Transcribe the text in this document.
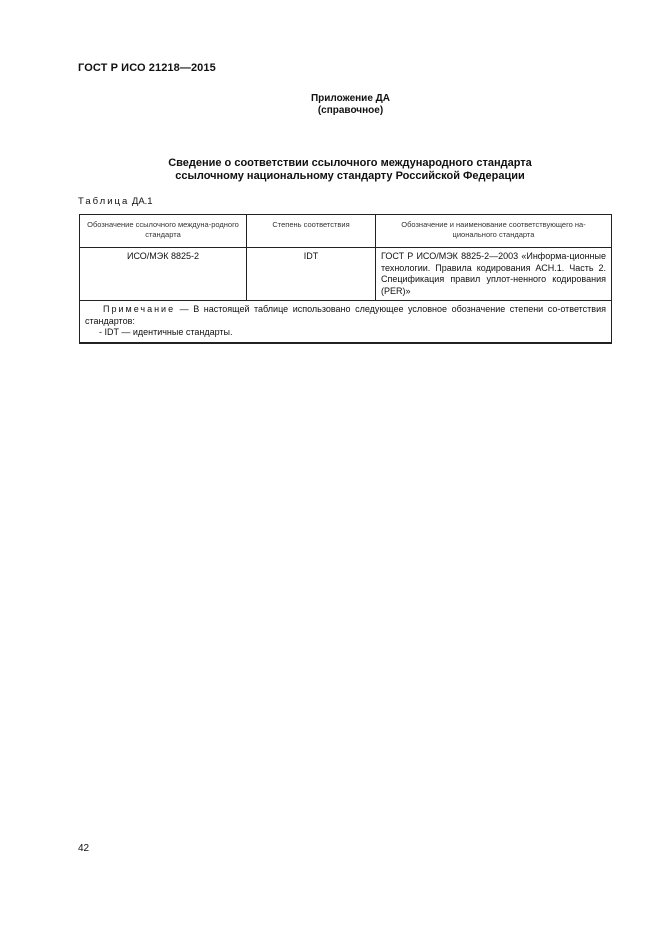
ГОСТ Р ИСО 21218—2015
Приложение ДА
(справочное)
Сведение о соответствии ссылочного международного стандарта
ссылочному национальному стандарту Российской Федерации
Таблица ДА.1
Обозначение ссылочного междуна-родного стандарта	Степень соответствия	Обозначение и наименование соответствующего на-ционального стандарта
ИСО/МЭК 8825-2	IDT	ГОСТ Р ИСО/МЭК 8825-2—2003 «Информа-ционные технологии. Правила кодирования АСН.1. Часть 2. Спецификация правил уплот-ненного кодирования (PER)»

Примечание — В настоящей таблице использовано следующее условное обозначение степени со-ответствия стандартов:
- IDT — идентичные стандарты.		
42
